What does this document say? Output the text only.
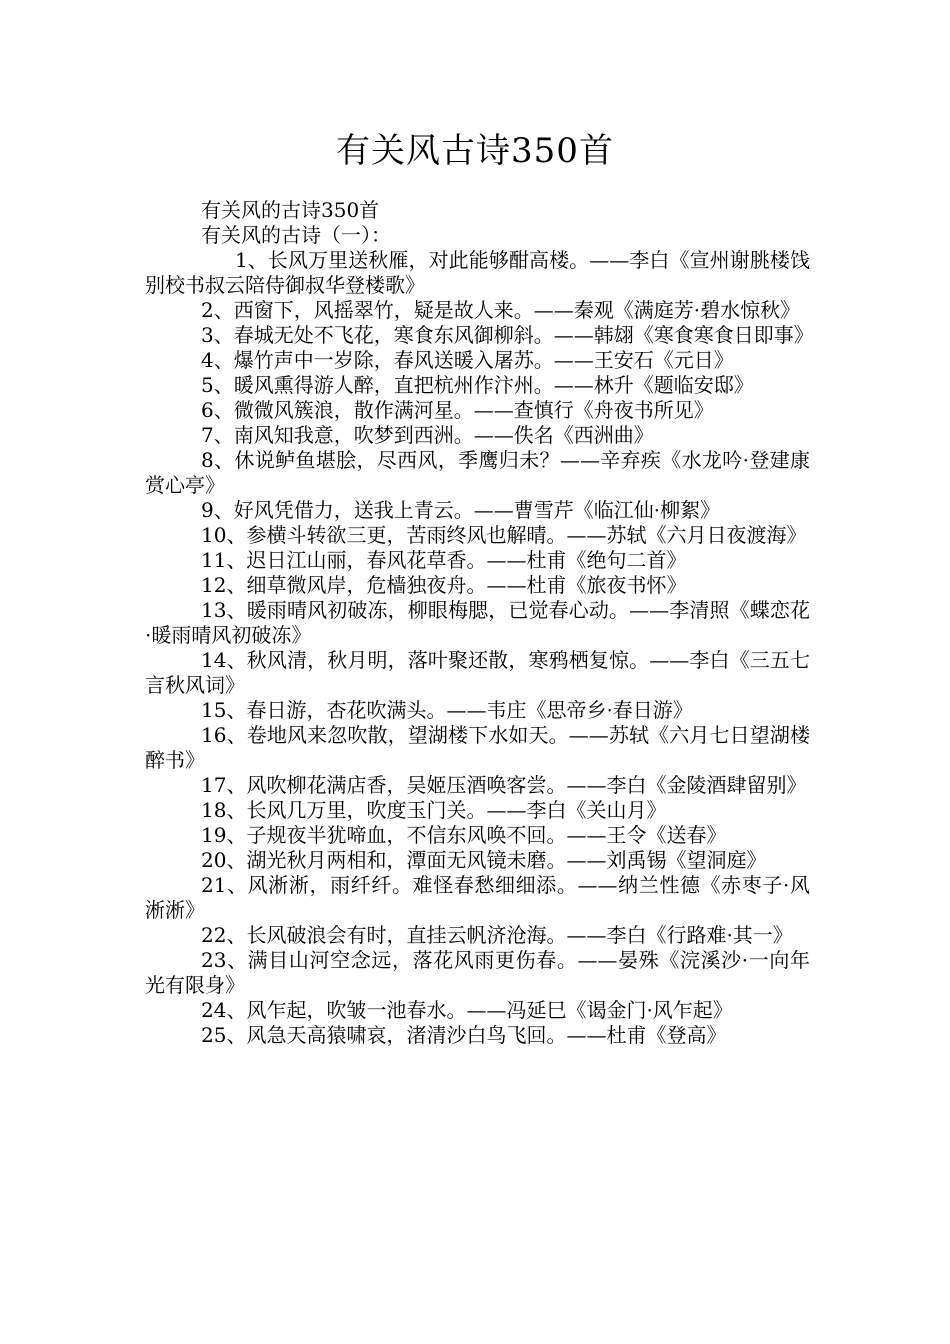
有关风古诗350首

有关风的古诗350首

有关风的古诗（一）：

1、长风万里送秋雁，对此能够酣高楼。——李白《宣州谢朓楼饯别校书叔云陪侍御叔华登楼歌》

2、西窗下，风摇翠竹，疑是故人来。——秦观《满庭芳·碧水惊秋》

3、春城无处不飞花，寒食东风御柳斜。——韩翃《寒食寒食日即事》

4、爆竹声中一岁除，春风送暖入屠苏。——王安石《元日》

5、暖风熏得游人醉，直把杭州作汴州。——林升《题临安邸》

6、微微风簇浪，散作满河星。——查慎行《舟夜书所见》

7、南风知我意，吹梦到西洲。——佚名《西洲曲》

8、休说鲈鱼堪脍，尽西风，季鹰归未？——辛弃疾《水龙吟·登建康赏心亭》

9、好风凭借力，送我上青云。——曹雪芹《临江仙·柳絮》

10、参横斗转欲三更，苦雨终风也解晴。——苏轼《六月日夜渡海》

11、迟日江山丽，春风花草香。——杜甫《绝句二首》

12、细草微风岸，危樯独夜舟。——杜甫《旅夜书怀》

13、暖雨晴风初破冻，柳眼梅腮，已觉春心动。——李清照《蝶恋花·暖雨晴风初破冻》

14、秋风清，秋月明，落叶聚还散，寒鸦栖复惊。——李白《三五七言秋风词》

15、春日游，杏花吹满头。——韦庄《思帝乡·春日游》

16、卷地风来忽吹散，望湖楼下水如天。——苏轼《六月七日望湖楼醉书》

17、风吹柳花满店香，吴姬压酒唤客尝。——李白《金陵酒肆留别》

18、长风几万里，吹度玉门关。——李白《关山月》

19、子规夜半犹啼血，不信东风唤不回。——王令《送春》

20、湖光秋月两相和，潭面无风镜未磨。——刘禹锡《望洞庭》

21、风淅淅，雨纤纤。难怪春愁细细添。——纳兰性德《赤枣子·风淅淅》

22、长风破浪会有时，直挂云帆济沧海。——李白《行路难·其一》

23、满目山河空念远，落花风雨更伤春。——晏殊《浣溪沙·一向年光有限身》

24、风乍起，吹皱一池春水。——冯延巳《谒金门·风乍起》

25、风急天高猿啸哀，渚清沙白鸟飞回。——杜甫《登高》
